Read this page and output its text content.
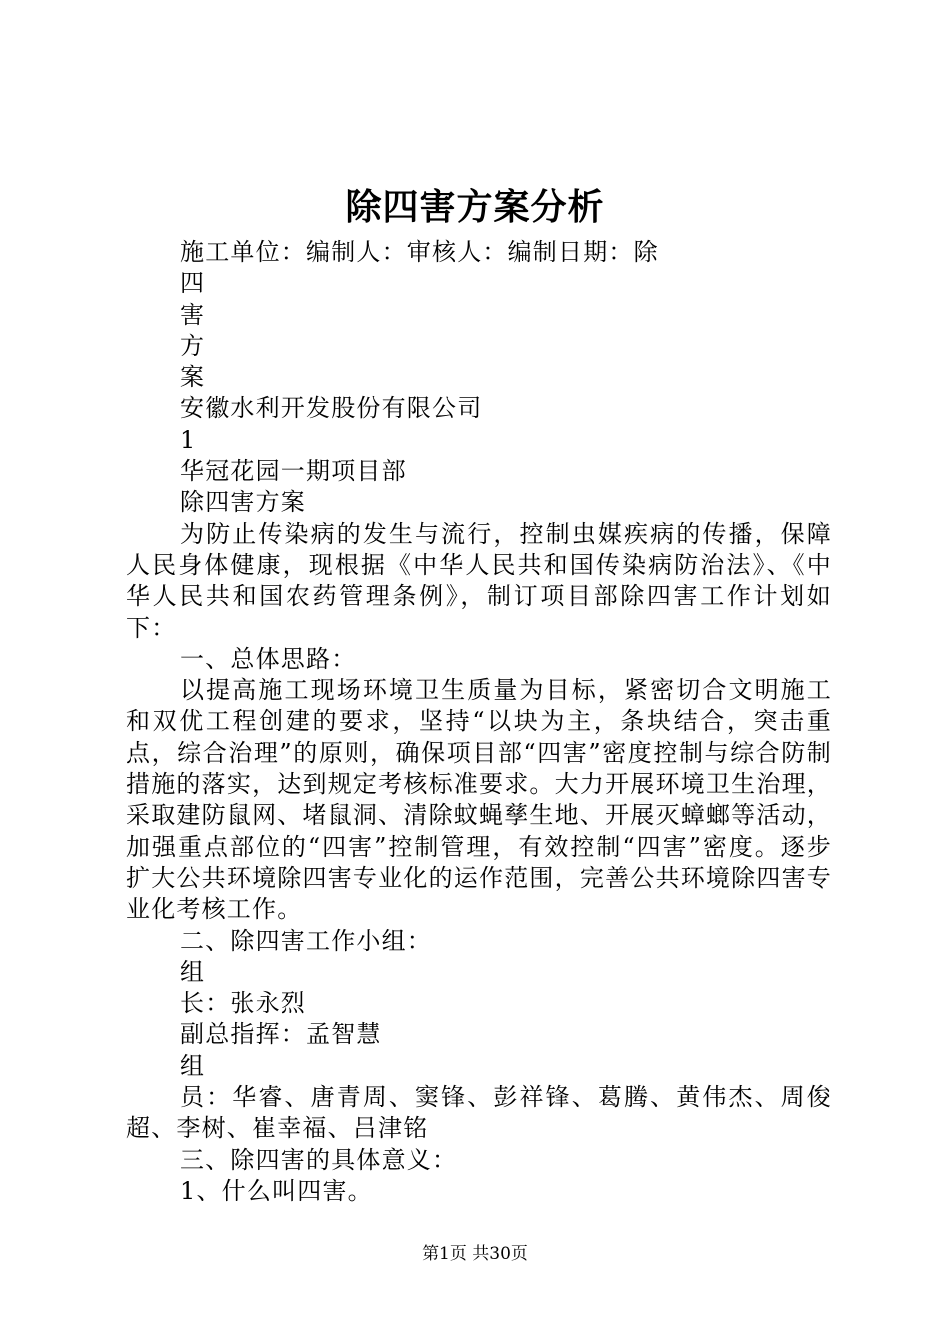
除四害方案分析
施工单位：编制人：审核人：编制日期：除
四
害
方
案
安徽水利开发股份有限公司
1
华冠花园一期项目部
除四害方案
为防止传染病的发生与流行，控制虫媒疾病的传播，保障人民身体健康，现根据《中华人民共和国传染病防治法》、《中华人民共和国农药管理条例》，制订项目部除四害工作计划如下：
一、总体思路：
以提高施工现场环境卫生质量为目标，紧密切合文明施工和双优工程创建的要求，坚持“以块为主，条块结合，突击重点，综合治理”的原则，确保项目部“四害”密度控制与综合防制措施的落实，达到规定考核标准要求。大力开展环境卫生治理，采取建防鼠网、堵鼠洞、清除蚊蝇孳生地、开展灭蟑螂等活动，加强重点部位的“四害”控制管理，有效控制“四害”密度。逐步扩大公共环境除四害专业化的运作范围，完善公共环境除四害专业化考核工作。
二、除四害工作小组：
组
长：张永烈
副总指挥：孟智慧
组
员：华睿、唐青周、窦锋、彭祥锋、葛腾、黄伟杰、周俊超、李树、崔幸福、吕津铭
三、除四害的具体意义：
1、什么叫四害。
第1页 共30页
